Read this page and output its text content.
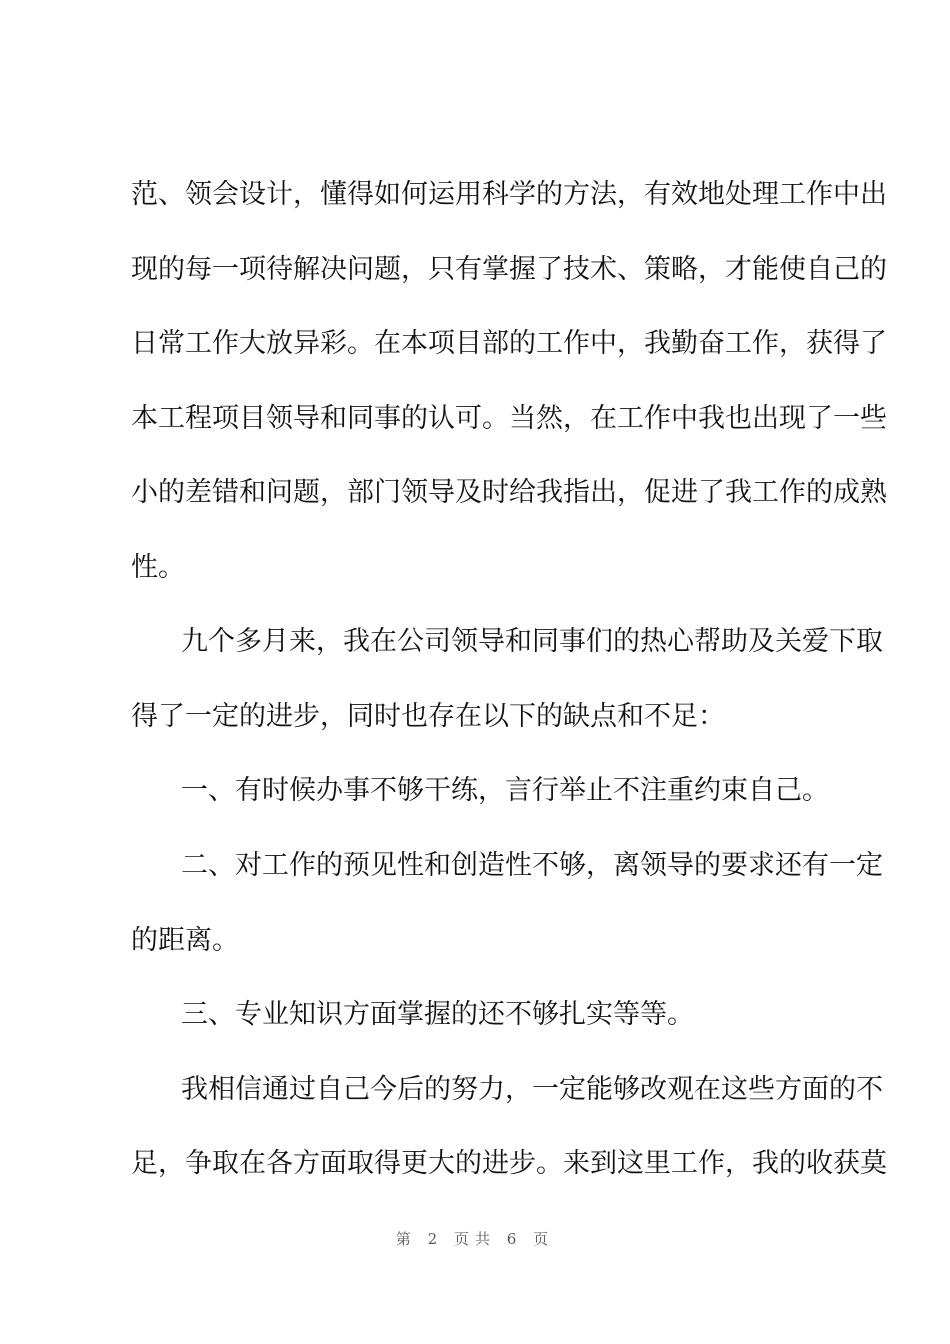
范、领会设计，懂得如何运用科学的方法，有效地处理工作中出
现的每一项待解决问题，只有掌握了技术、策略，才能使自己的
日常工作大放异彩。在本项目部的工作中，我勤奋工作，获得了
本工程项目领导和同事的认可。当然，在工作中我也出现了一些
小的差错和问题，部门领导及时给我指出，促进了我工作的成熟
性。
九个多月来，我在公司领导和同事们的热心帮助及关爱下取
得了一定的进步，同时也存在以下的缺点和不足：
一、有时候办事不够干练，言行举止不注重约束自己。
二、对工作的预见性和创造性不够，离领导的要求还有一定
的距离。
三、专业知识方面掌握的还不够扎实等等。
我相信通过自己今后的努力，一定能够改观在这些方面的不
足，争取在各方面取得更大的进步。来到这里工作，我的收获莫
第 2 页共 6 页
